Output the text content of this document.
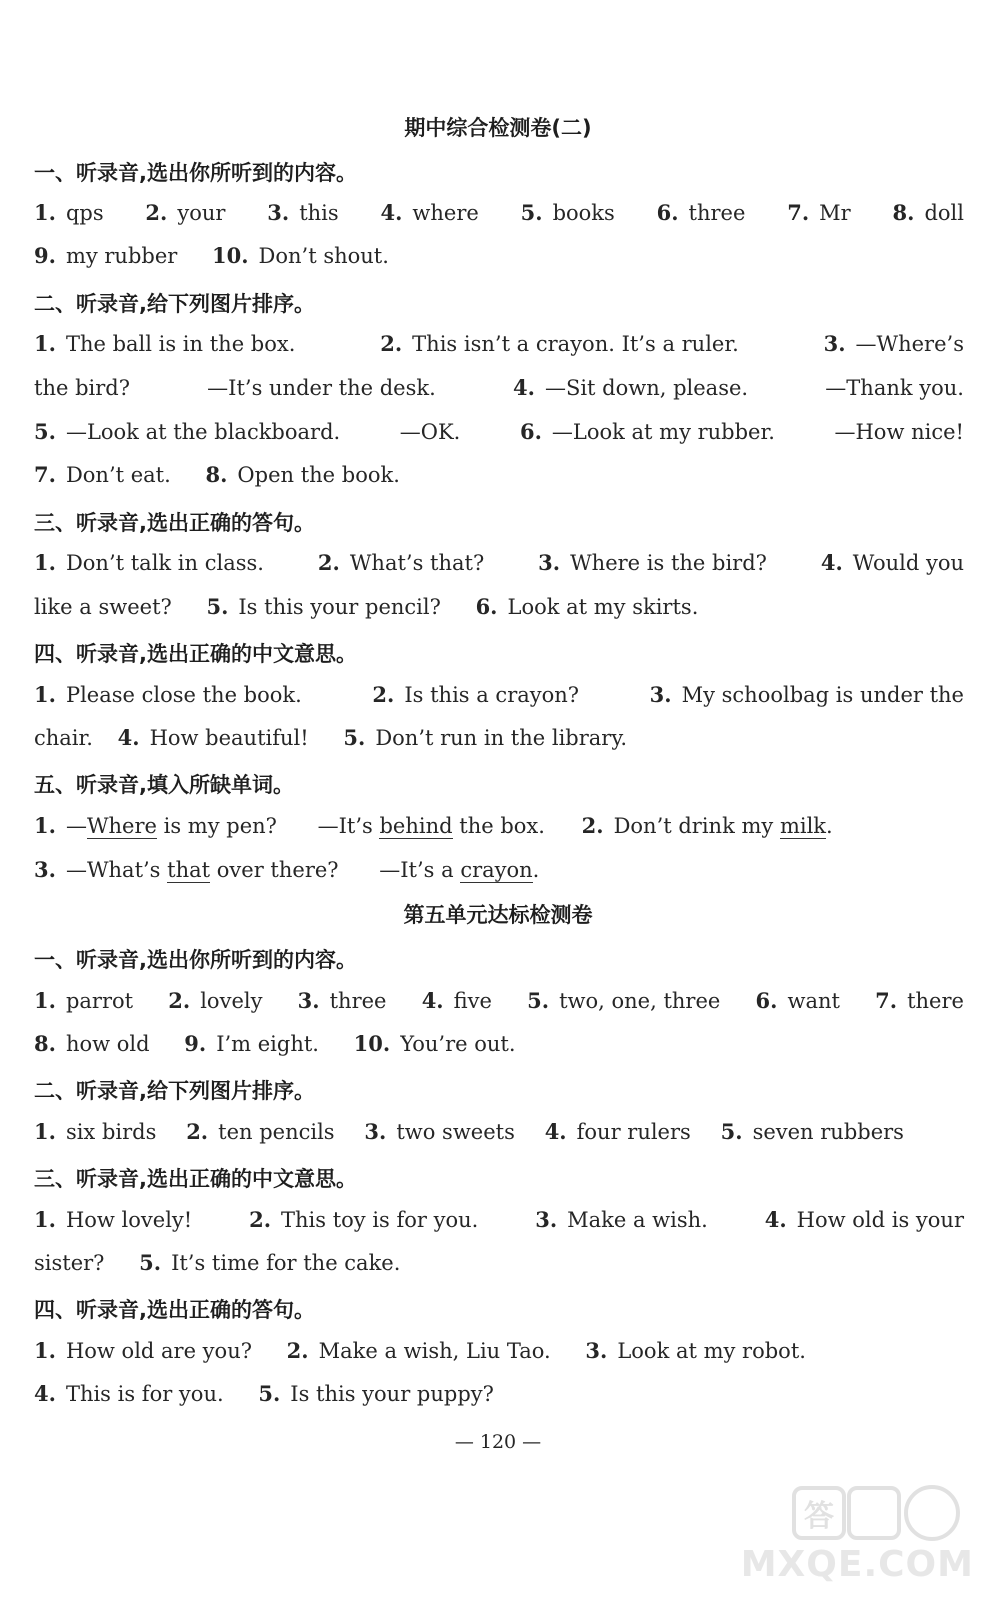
期中综合检测卷(二)
一、听录音,选出你所听到的内容。
1. qps 2. your 3. this 4. where 5. books 6. three 7. Mr 8. doll
9. my rubber 10. Don’t shout.
二、听录音,给下列图片排序。
1. The ball is in the box.	2. This isn’t a crayon. It’s a ruler.	3. —Where’s
the bird?	—It’s under the desk.	4. —Sit down, please.	—Thank you.
5. —Look at the blackboard.	—OK.	6. —Look at my rubber.	—How nice!
7. Don’t eat. 8. Open the book.
三、听录音,选出正确的答句。
1. Don’t talk in class.	2. What’s that?	3. Where is the bird?	4. Would you
like a sweet? 5. Is this your pencil? 6. Look at my skirts.
四、听录音,选出正确的中文意思。
1. Please close the book.	2. Is this a crayon?	3. My schoolbag is under the
chair. 4. How beautiful! 5. Don’t run in the library.
五、听录音,填入所缺单词。
1. —Where is my pen? —It’s behind the box. 2. Don’t drink my milk.
3. —What’s that over there? —It’s a crayon.
第五单元达标检测卷
一、听录音,选出你所听到的内容。
1. parrot 2. lovely 3. three 4. five 5. two, one, three 6. want 7. there
8. how old 9. I’m eight. 10. You’re out.
二、听录音,给下列图片排序。
1. six birds 2. ten pencils 3. two sweets 4. four rulers 5. seven rubbers
三、听录音,选出正确的中文意思。
1. How lovely!	2. This toy is for you.	3. Make a wish.	4. How old is your
sister? 5. It’s time for the cake.
四、听录音,选出正确的答句。
1. How old are you? 2. Make a wish, Liu Tao. 3. Look at my robot.
4. This is for you. 5. Is this your puppy?
— 120 —
答
MXQE.COM
